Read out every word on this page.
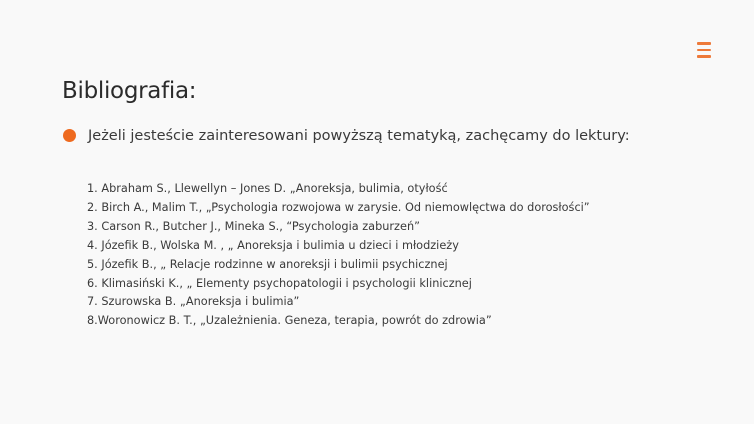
Bibliografia:
Jeżeli jesteście zainteresowani powyższą tematyką, zachęcamy do lektury:
1. Abraham S., Llewellyn – Jones D. „Anoreksja, bulimia, otyłość
2. Birch A., Malim T., „Psychologia rozwojowa w zarysie. Od niemowlęctwa do dorosłości”
3. Carson R., Butcher J., Mineka S., “Psychologia zaburzeń”
4. Józefik B., Wolska M. , „ Anoreksja i bulimia u dzieci i młodzieży
5. Józefik B., „ Relacje rodzinne w anoreksji i bulimii psychicznej
6. Klimasiński K., „ Elementy psychopatologii i psychologii klinicznej
7. Szurowska B. „Anoreksja i bulimia”
8.Woronowicz B. T., „Uzależnienia. Geneza, terapia, powrót do zdrowia”
